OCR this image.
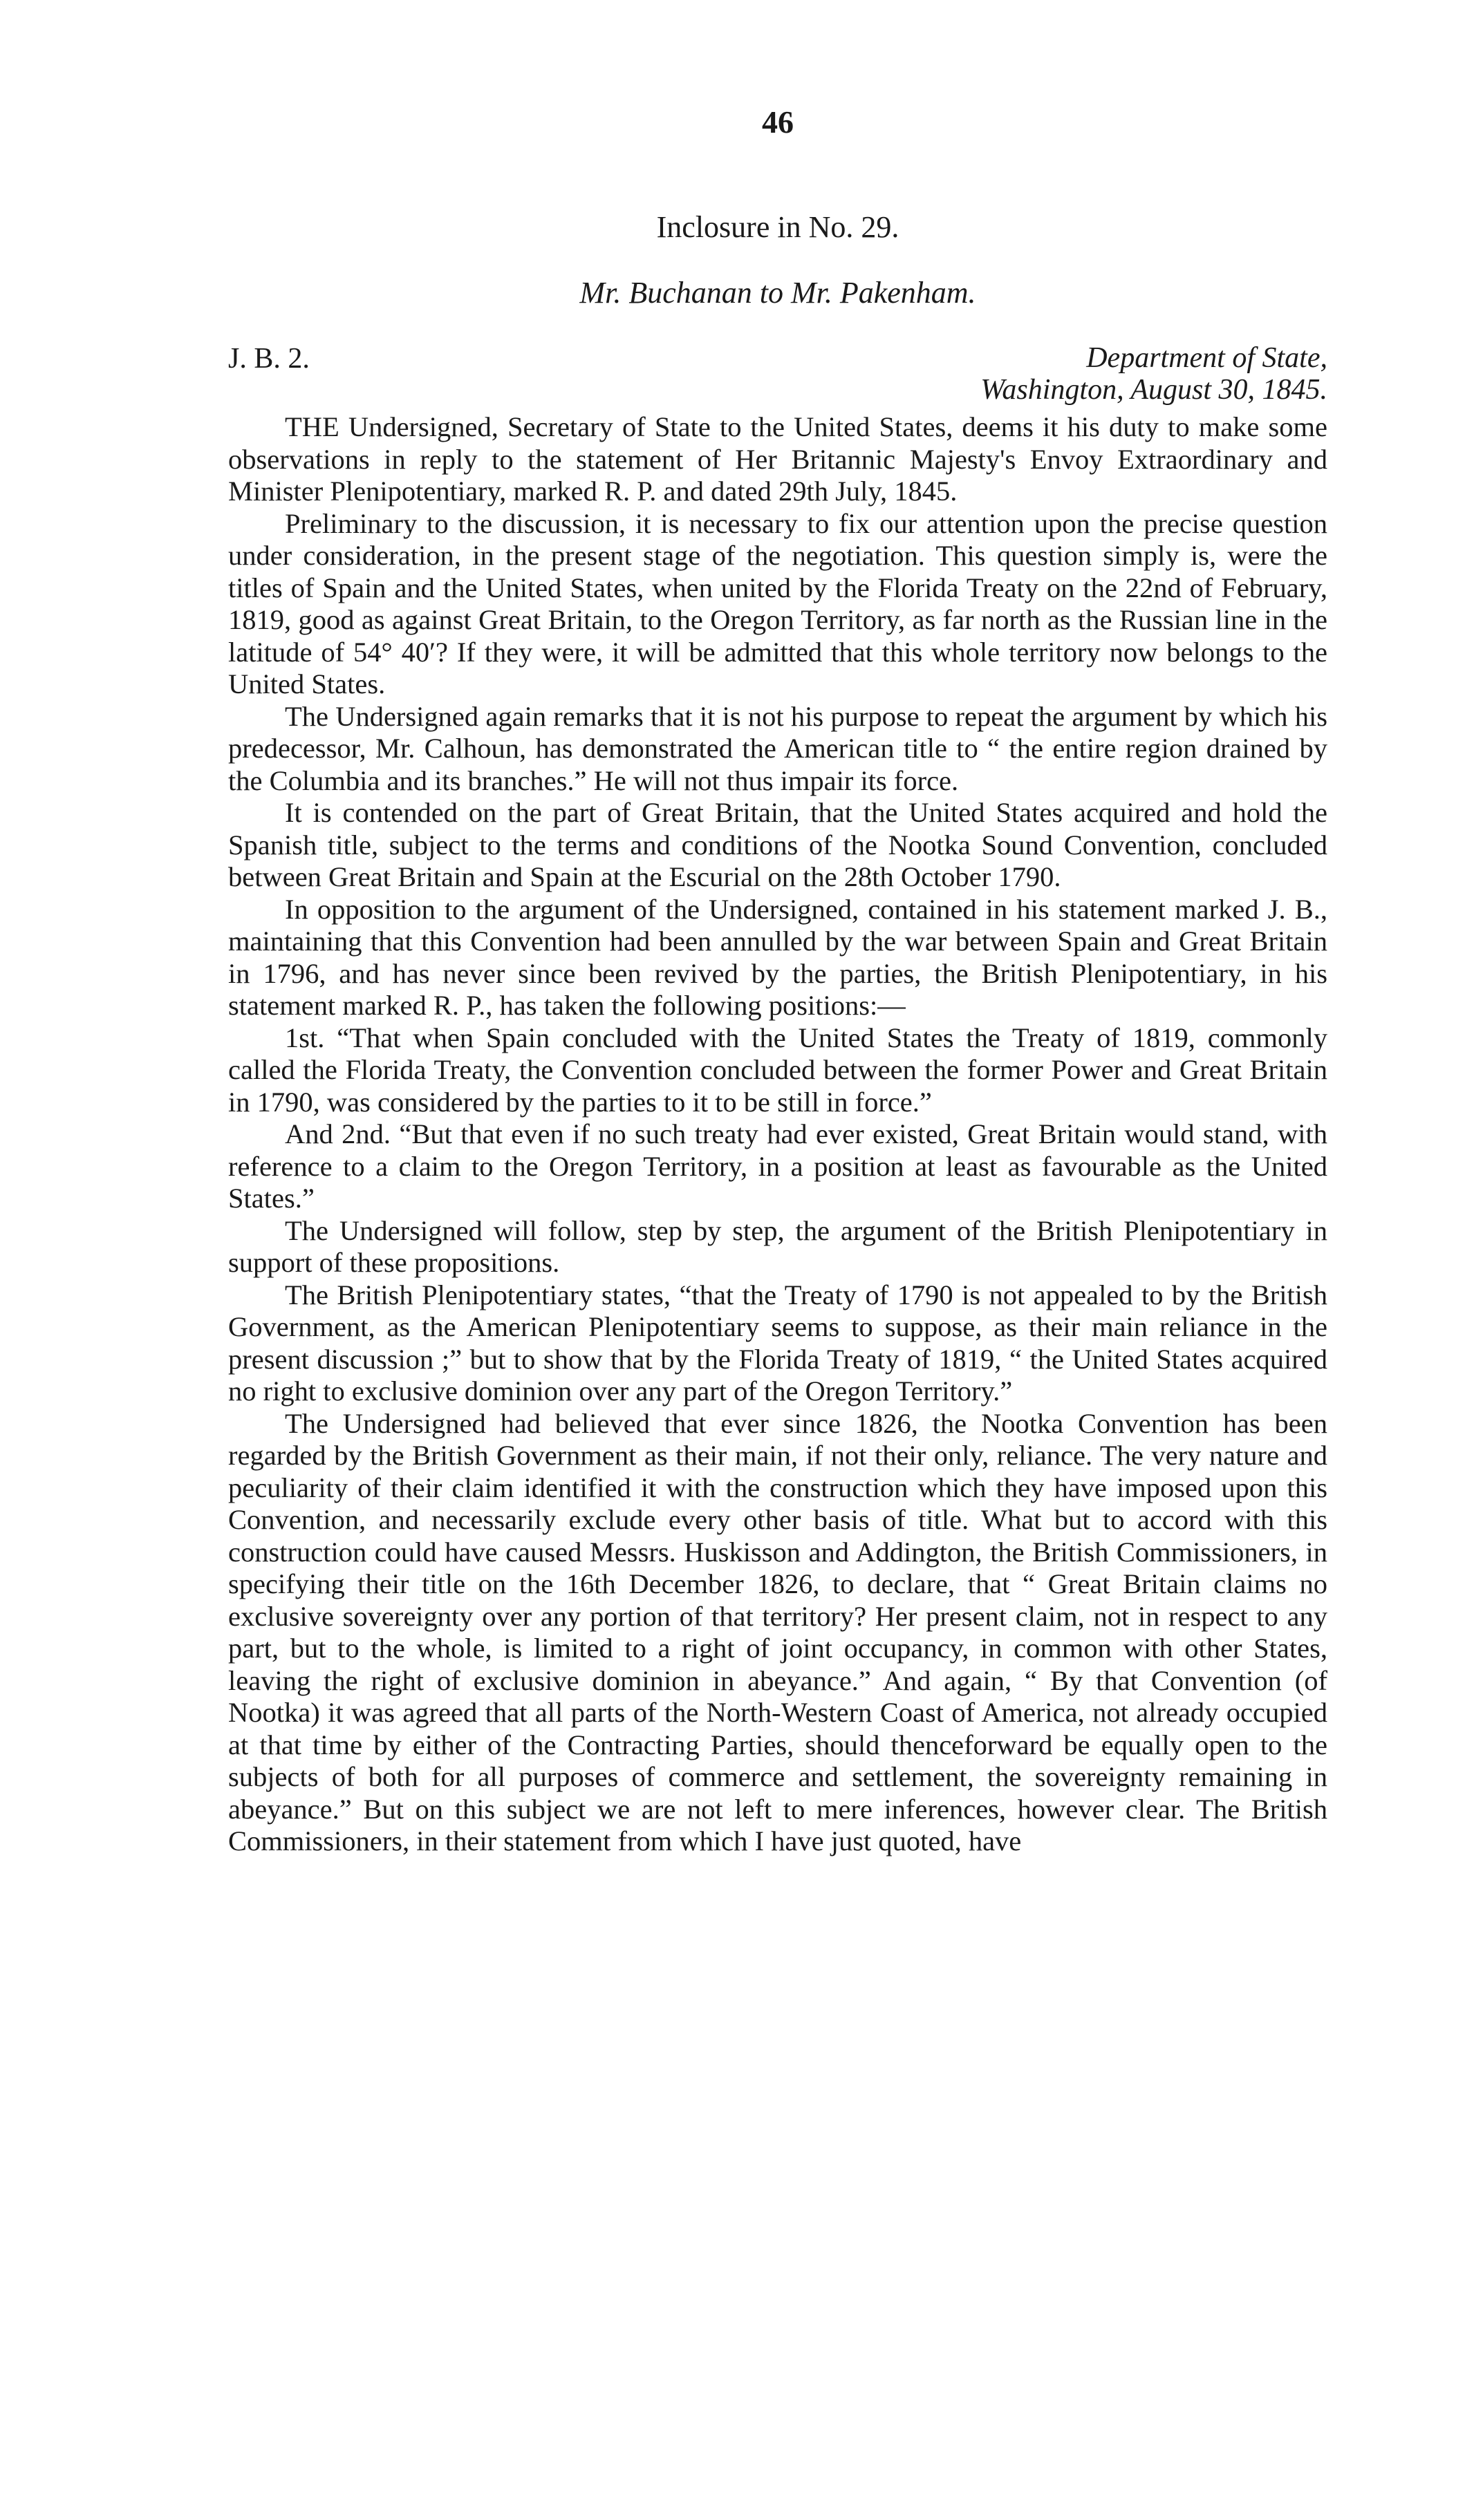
46
Inclosure in No. 29.
Mr. Buchanan to Mr. Pakenham.
J. B. 2.	Department of State,
Washington, August 30, 1845.

THE Undersigned, Secretary of State to the United States, deems it his duty to make some observations in reply to the statement of Her Britannic Majesty's Envoy Extraordinary and Minister Plenipotentiary, marked R. P. and dated 29th July, 1845.

Preliminary to the discussion, it is necessary to fix our attention upon the precise question under consideration, in the present stage of the negotiation. This question simply is, were the titles of Spain and the United States, when united by the Florida Treaty on the 22nd of February, 1819, good as against Great Britain, to the Oregon Territory, as far north as the Russian line in the latitude of 54° 40′? If they were, it will be admitted that this whole territory now belongs to the United States.

The Undersigned again remarks that it is not his purpose to repeat the argument by which his predecessor, Mr. Calhoun, has demonstrated the American title to “ the entire region drained by the Columbia and its branches.” He will not thus impair its force.

It is contended on the part of Great Britain, that the United States acquired and hold the Spanish title, subject to the terms and conditions of the Nootka Sound Convention, concluded between Great Britain and Spain at the Escurial on the 28th October 1790.

In opposition to the argument of the Undersigned, contained in his statement marked J. B., maintaining that this Convention had been annulled by the war between Spain and Great Britain in 1796, and has never since been revived by the parties, the British Plenipotentiary, in his statement marked R. P., has taken the following positions:—

1st. “That when Spain concluded with the United States the Treaty of 1819, commonly called the Florida Treaty, the Convention concluded between the former Power and Great Britain in 1790, was considered by the parties to it to be still in force.”

And 2nd. “But that even if no such treaty had ever existed, Great Britain would stand, with reference to a claim to the Oregon Territory, in a position at least as favourable as the United States.”

The Undersigned will follow, step by step, the argument of the British Plenipotentiary in support of these propositions.

The British Plenipotentiary states, “that the Treaty of 1790 is not appealed to by the British Government, as the American Plenipotentiary seems to suppose, as their main reliance in the present discussion ;” but to show that by the Florida Treaty of 1819, “ the United States acquired no right to exclusive dominion over any part of the Oregon Territory.”

The Undersigned had believed that ever since 1826, the Nootka Convention has been regarded by the British Government as their main, if not their only, reliance. The very nature and peculiarity of their claim identified it with the construction which they have imposed upon this Convention, and necessarily exclude every other basis of title. What but to accord with this construction could have caused Messrs. Huskisson and Addington, the British Commissioners, in specifying their title on the 16th December 1826, to declare, that “ Great Britain claims no exclusive sovereignty over any portion of that territory? Her present claim, not in respect to any part, but to the whole, is limited to a right of joint occupancy, in common with other States, leaving the right of exclusive dominion in abeyance.” And again, “ By that Convention (of Nootka) it was agreed that all parts of the North-Western Coast of America, not already occupied at that time by either of the Contracting Parties, should thenceforward be equally open to the subjects of both for all purposes of commerce and settlement, the sovereignty remaining in abeyance.” But on this subject we are not left to mere inferences, however clear. The British Commissioners, in their statement from which I have just quoted, have
